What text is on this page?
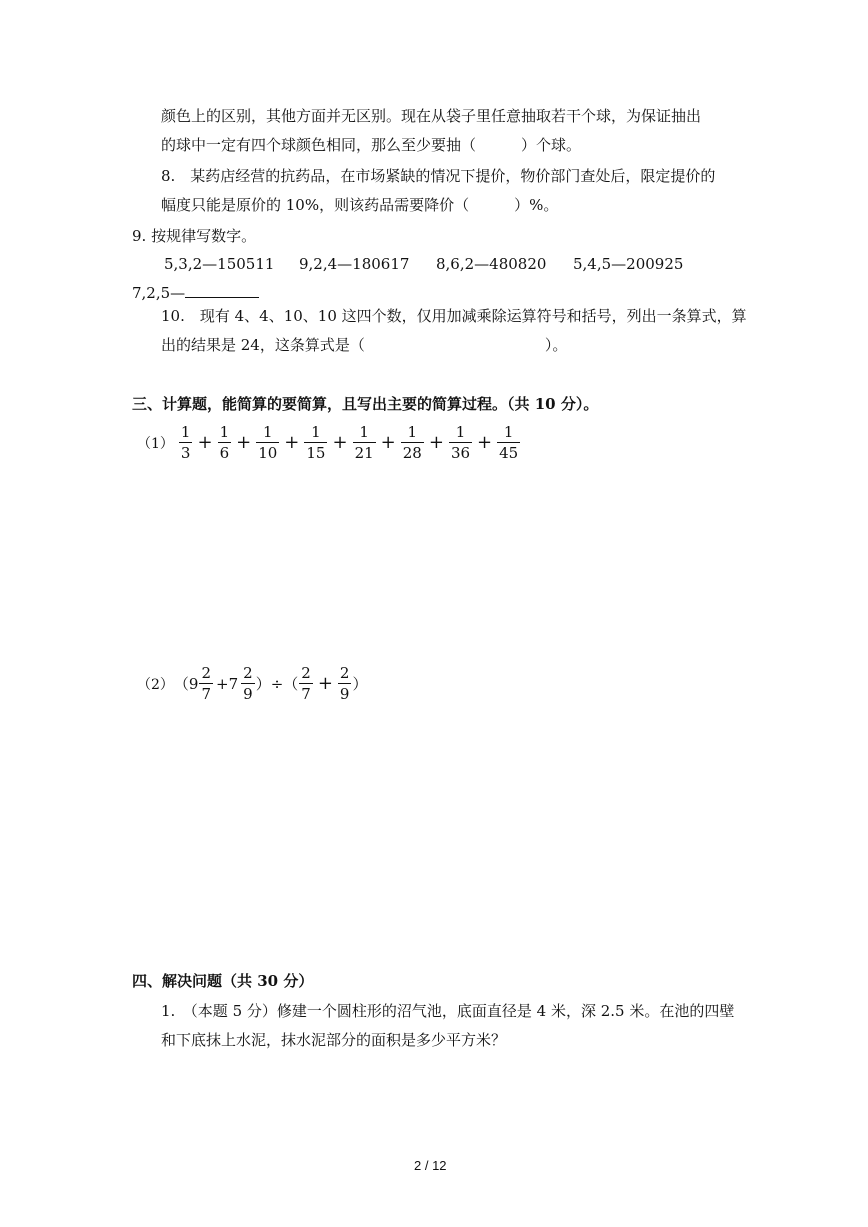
颜色上的区别，其他方面并无区别。现在从袋子里任意抽取若干个球，为保证抽出
的球中一定有四个球颜色相同，那么至少要抽（　　　）个球。
8.　某药店经营的抗药品，在市场紧缺的情况下提价，物价部门查处后，限定提价的
幅度只能是原价的 10%，则该药品需要降价（　　　）%。
9. 按规律写数字。
5,3,2—150511 9,2,4—180617 8,6,2—480820 5,4,5—200925
7,2,5—
10.　现有 4、4、10、10 这四个数，仅用加减乘除运算符号和括号，列出一条算式，算
出的结果是 24，这条算式是（　　　　　　　　　　　　）。
三、计算题，能简算的要简算，且写出主要的简算过程。（共 10 分）。
$(1) \frac{1}{3} + \frac{1}{6} + \frac{1}{10} + \frac{1}{15} + \frac{1}{21} + \frac{1}{28} + \frac{1}{36} + \frac{1}{45}$
（2） （$9 \frac{2}{7} +7 \frac{2}{9}$ ）÷（ $\frac{2}{7} + \frac{2}{9}$ ）
四、解决问题（共 30 分）
1.　（本题 5 分）修建一个圆柱形的沼气池，底面直径是 4 米，深 2.5 米。在池的四壁
和下底抹上水泥，抹水泥部分的面积是多少平方米？
2 / 12
